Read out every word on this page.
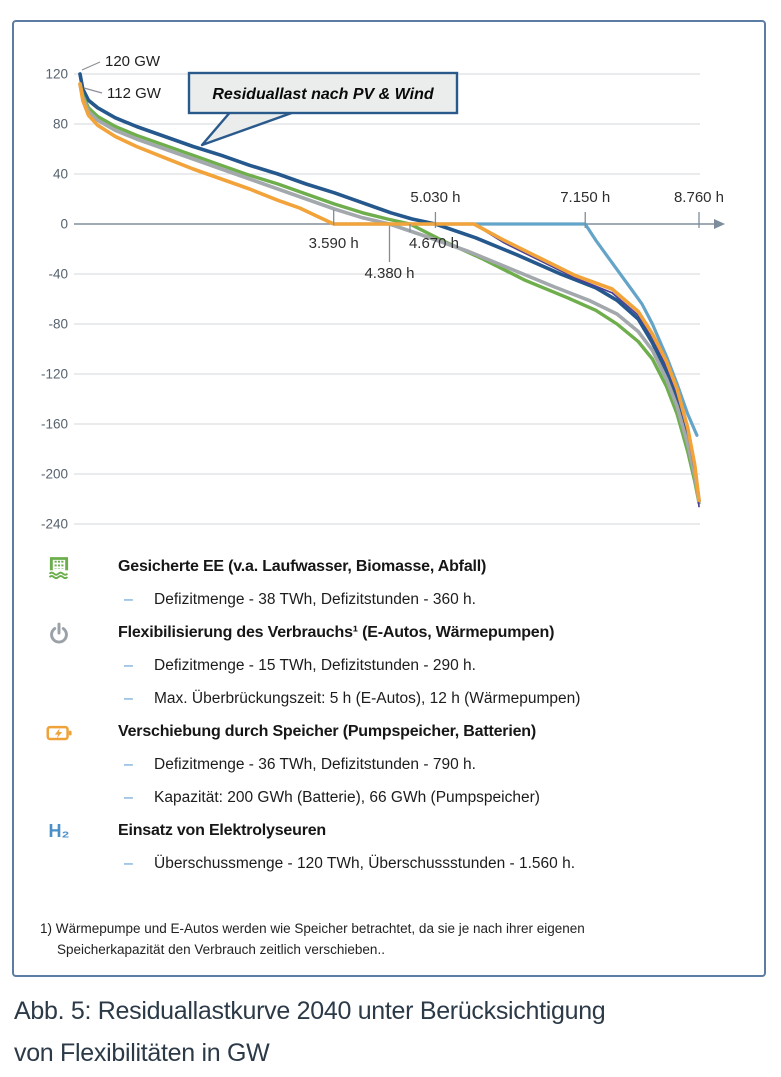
120
80
40
0
-40
-80
-120
-160
-200
-240
3.590 h
4.380 h
4.670 h
5.030 h	7.150 h	8.760 h
120 GW
112 GW	Residuallast nach PV & Wind
Gesicherte EE (v.a. Laufwasser, Biomasse, Abfall)
– Defizitmenge - 38 TWh, Defizitstunden - 360 h.
Flexibilisierung des Verbrauchs¹ (E-Autos, Wärmepumpen)
– Defizitmenge - 15 TWh, Defizitstunden - 290 h.
– Max. Überbrückungszeit: 5 h (E-Autos), 12 h (Wärmepumpen)
Verschiebung durch Speicher (Pumpspeicher, Batterien)
– Defizitmenge - 36 TWh, Defizitstunden - 790 h.
– Kapazität: 200 GWh (Batterie), 66 GWh (Pumpspeicher)
H₂	Einsatz von Elektrolyseuren
– Überschussmenge - 120 TWh, Überschussstunden - 1.560 h.
1) Wärmepumpe und E-Autos werden wie Speicher betrachtet, da sie je nach ihrer eigenen
Speicherkapazität den Verbrauch zeitlich verschieben..
Abb. 5: Residuallastkurve 2040 unter Berücksichtigung
von Flexibilitäten in GW
